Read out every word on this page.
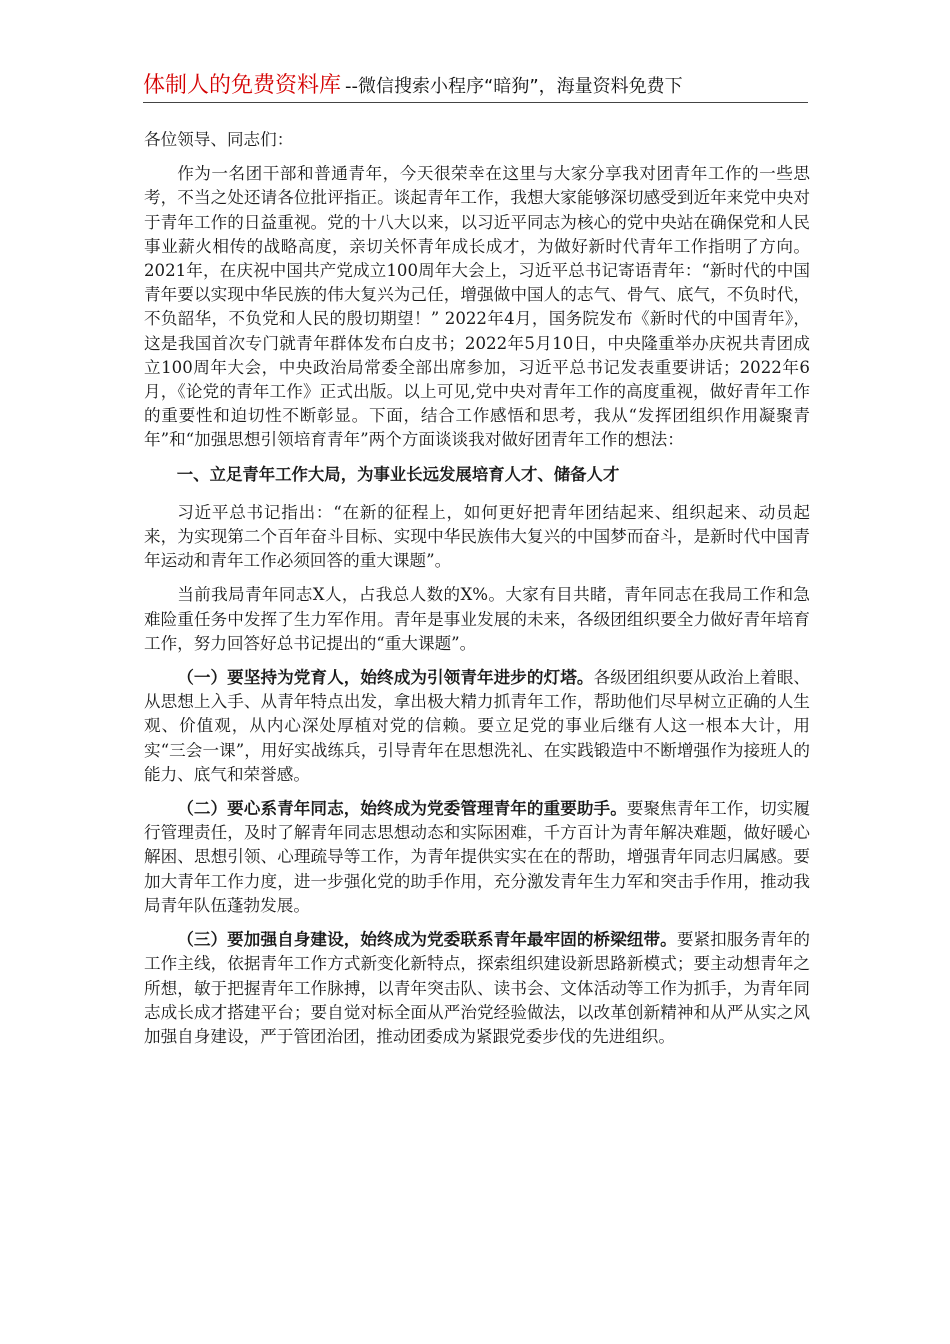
体制人的免费资料库 --微信搜索小程序“暗狗”，海量资料免费下

各位领导、同志们：

作为一名团干部和普通青年，今天很荣幸在这里与大家分享我对团青年工作的一些思考，不当之处还请各位批评指正。谈起青年工作，我想大家能够深切感受到近年来党中央对于青年工作的日益重视。党的十八大以来，以习近平同志为核心的党中央站在确保党和人民事业薪火相传的战略高度，亲切关怀青年成长成才，为做好新时代青年工作指明了方向。2021年，在庆祝中国共产党成立100周年大会上，习近平总书记寄语青年：“新时代的中国青年要以实现中华民族的伟大复兴为己任，增强做中国人的志气、骨气、底气，不负时代，不负韶华，不负党和人民的殷切期望！” 2022年4月，国务院发布《新时代的中国青年》，这是我国首次专门就青年群体发布白皮书；2022年5月10日，中央隆重举办庆祝共青团成立100周年大会，中央政治局常委全部出席参加，习近平总书记发表重要讲话；2022年6月，《论党的青年工作》正式出版。以上可见,党中央对青年工作的高度重视，做好青年工作的重要性和迫切性不断彰显。下面，结合工作感悟和思考，我从“发挥团组织作用凝聚青年”和“加强思想引领培育青年”两个方面谈谈我对做好团青年工作的想法：

一、立足青年工作大局，为事业长远发展培育人才、储备人才

习近平总书记指出：“在新的征程上，如何更好把青年团结起来、组织起来、动员起来，为实现第二个百年奋斗目标、实现中华民族伟大复兴的中国梦而奋斗，是新时代中国青年运动和青年工作必须回答的重大课题”。

当前我局青年同志X人，占我总人数的X%。大家有目共睹，青年同志在我局工作和急难险重任务中发挥了生力军作用。青年是事业发展的未来，各级团组织要全力做好青年培育工作，努力回答好总书记提出的“重大课题”。

（一）要坚持为党育人，始终成为引领青年进步的灯塔。各级团组织要从政治上着眼、从思想上入手、从青年特点出发，拿出极大精力抓青年工作，帮助他们尽早树立正确的人生观、价值观，从内心深处厚植对党的信赖。要立足党的事业后继有人这一根本大计，用实“三会一课”，用好实战练兵，引导青年在思想洗礼、在实践锻造中不断增强作为接班人的能力、底气和荣誉感。

（二）要心系青年同志，始终成为党委管理青年的重要助手。要聚焦青年工作，切实履行管理责任，及时了解青年同志思想动态和实际困难，千方百计为青年解决难题，做好暖心解困、思想引领、心理疏导等工作，为青年提供实实在在的帮助，增强青年同志归属感。要加大青年工作力度，进一步强化党的助手作用，充分激发青年生力军和突击手作用，推动我局青年队伍蓬勃发展。

（三）要加强自身建设，始终成为党委联系青年最牢固的桥梁纽带。要紧扣服务青年的工作主线，依据青年工作方式新变化新特点，探索组织建设新思路新模式；要主动想青年之所想，敏于把握青年工作脉搏，以青年突击队、读书会、文体活动等工作为抓手，为青年同志成长成才搭建平台；要自觉对标全面从严治党经验做法，以改革创新精神和从严从实之风加强自身建设，严于管团治团，推动团委成为紧跟党委步伐的先进组织。
